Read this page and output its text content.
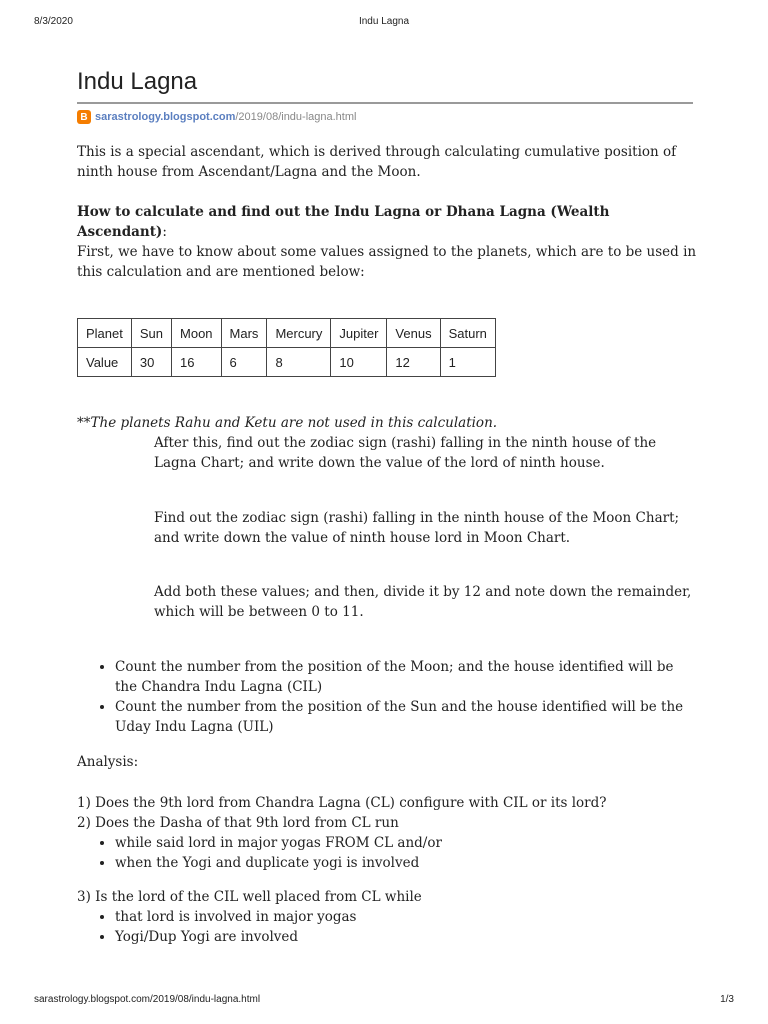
8/3/2020	Indu Lagna
Indu Lagna
B sarastrology.blogspot.com /2019/08/indu-lagna.html
This is a special ascendant, which is derived through calculating cumulative position of ninth house from Ascendant/Lagna and the Moon.
How to calculate and find out the Indu Lagna or Dhana Lagna (Wealth Ascendant):
First, we have to know about some values assigned to the planets, which are to be used in this calculation and are mentioned below:
Planet	Sun	Moon	Mars	Mercury	Jupiter	Venus	Saturn
Value	30	16	6	8	10	12	1
**The planets Rahu and Ketu are not used in this calculation.
After this, find out the zodiac sign (rashi) falling in the ninth house of the Lagna Chart; and write down the value of the lord of ninth house.
Find out the zodiac sign (rashi) falling in the ninth house of the Moon Chart; and write down the value of ninth house lord in Moon Chart.
Add both these values; and then, divide it by 12 and note down the remainder, which will be between 0 to 11.
• Count the number from the position of the Moon; and the house identified will be the Chandra Indu Lagna (CIL)
• Count the number from the position of the Sun and the house identified will be the Uday Indu Lagna (UIL)
Analysis:
1) Does the 9th lord from Chandra Lagna (CL) configure with CIL or its lord?
2) Does the Dasha of that 9th lord from CL run
• while said lord in major yogas FROM CL and/or
• when the Yogi and duplicate yogi is involved
3) Is the lord of the CIL well placed from CL while
• that lord is involved in major yogas
• Yogi/Dup Yogi are involved
sarastrology.blogspot.com/2019/08/indu-lagna.html	1/3
